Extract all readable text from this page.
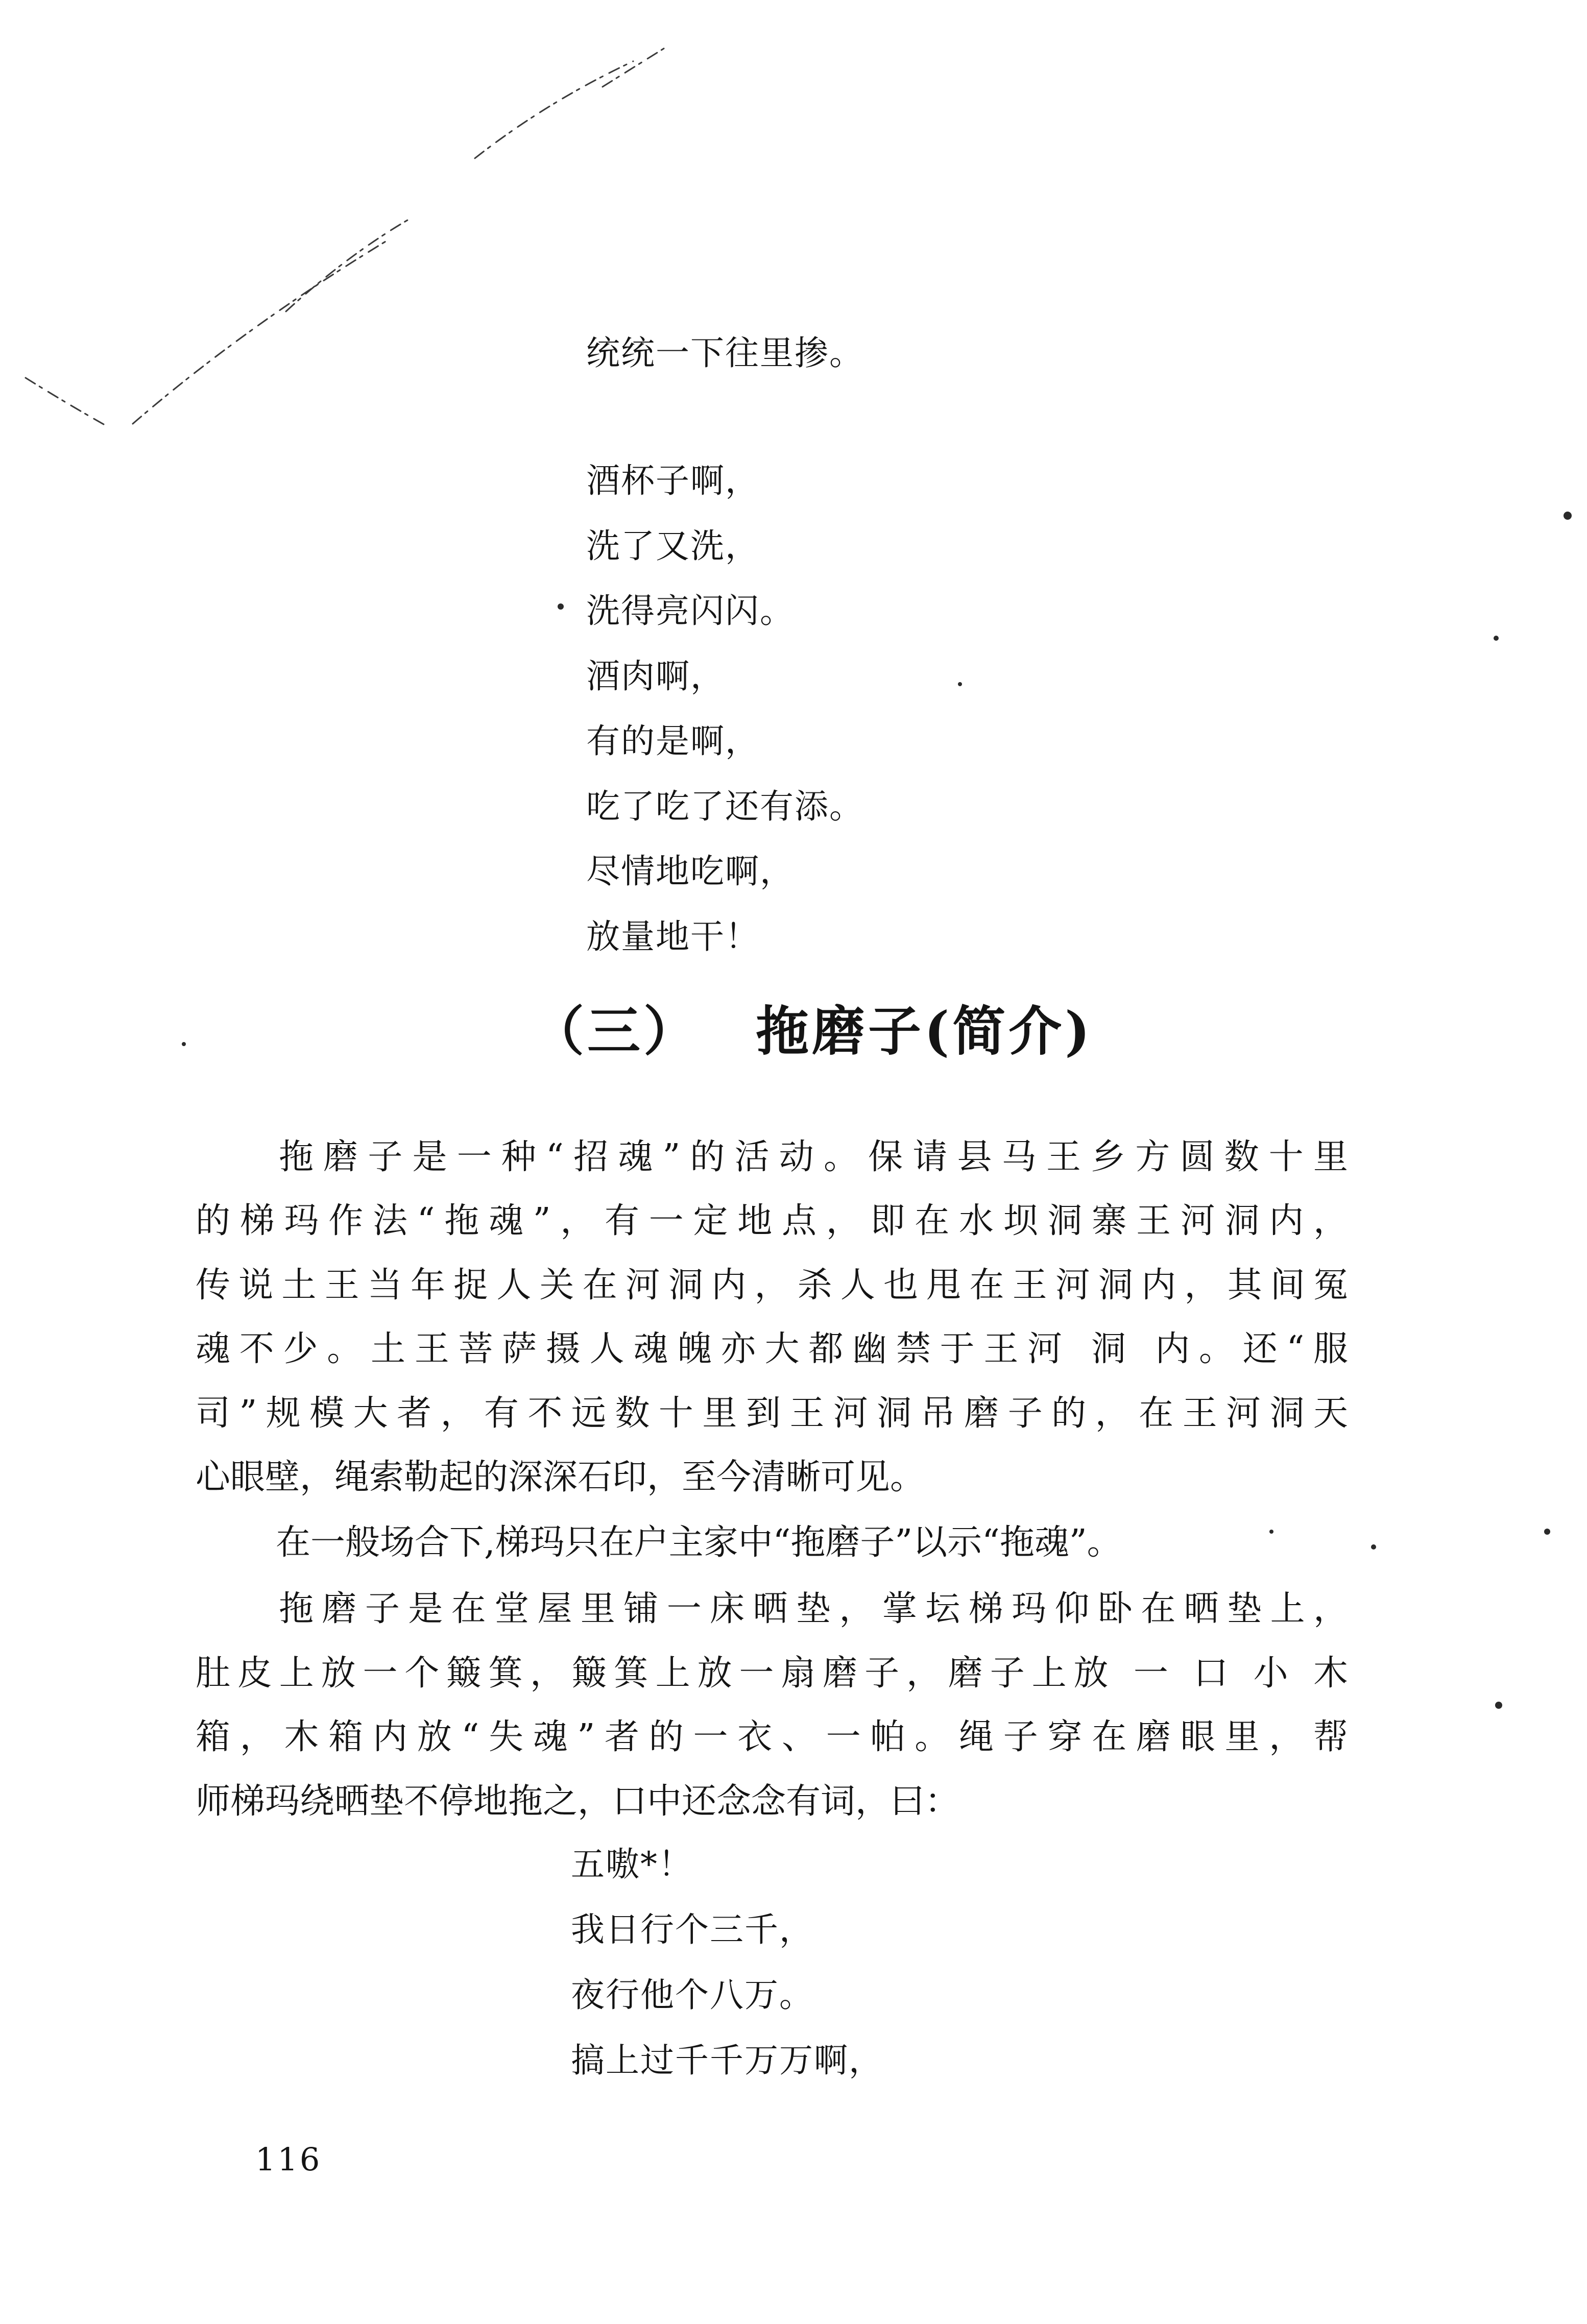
统统一下往里掺。

酒杯子啊，

洗了又洗，

洗得亮闪闪。

酒肉啊，

有的是啊，

吃了吃了还有添。

尽情地吃啊，

放量地干！

（三） 拖磨子(简介)

拖磨子是一种“招魂”的活动。保请县马王乡方圆数十里

的梯玛作法“拖魂”，有一定地点，即在水坝洞寨王河洞内，

传说土王当年捉人关在河洞内，杀人也甩在王河洞内，其间冤

魂不少。土王菩萨摄人魂魄亦大都幽禁于王河 洞 内。还“服

司”规模大者，有不远数十里到王河洞吊磨子的，在王河洞天

心眼壁，绳索勒起的深深石印，至今清晰可见。

在一般场合下,梯玛只在户主家中“拖磨子”以示“拖魂”。

拖磨子是在堂屋里铺一床晒垫，掌坛梯玛仰卧在晒垫上，

肚皮上放一个簸箕，簸箕上放一扇磨子，磨子上放 一 口 小 木

箱，木箱内放“失魂”者的一衣、一帕。绳子穿在磨眼里，帮

师梯玛绕晒垫不停地拖之，口中还念念有词，曰：

五嗷*！

我日行个三千，

夜行他个八万。

搞上过千千万万啊，

116
